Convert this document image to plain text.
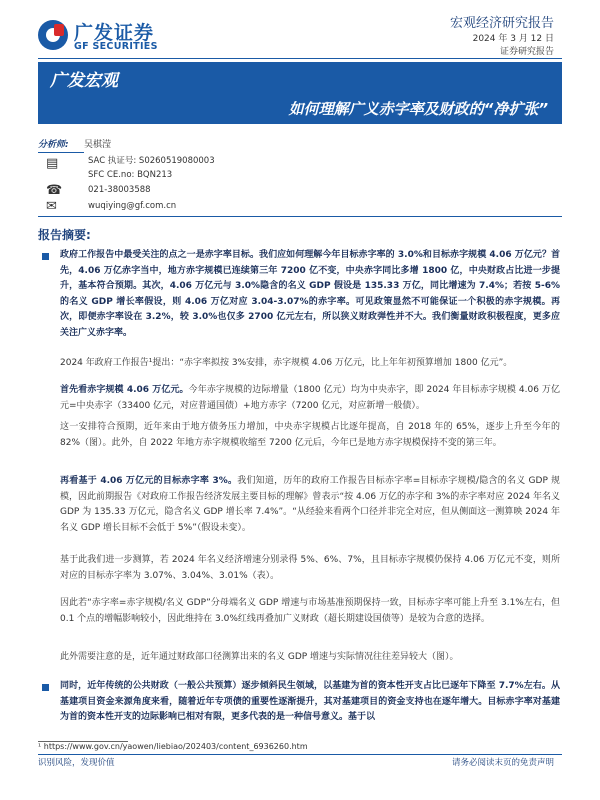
广发证券
GF SECURITIES
宏观经济研究报告
2024 年 3 月 12 日
证券研究报告
广发宏观
如何理解广义赤字率及财政的“净扩张”
分析师: 吴棋滢
▤	SAC 执证号: S0260519080003
SFC CE.no: BQN213
☎	021-38003588
✉	wuqiying@gf.com.cn
报告摘要:
政府工作报告中最受关注的点之一是赤字率目标。我们应如何理解今年目标赤字率的 3.0%和目标赤字规模 4.06 万亿元？首先，4.06 万亿赤字当中，地方赤字规模已连续第三年 7200 亿不变，中央赤字同比多增 1800 亿，中央财政占比进一步提升，基本符合预期。其次，4.06 万亿元与 3.0%隐含的名义 GDP 假设是 135.33 万亿，同比增速为 7.4%；若按 5-6%的名义 GDP 增长率假设，则 4.06 万亿对应 3.04-3.07%的赤字率。可见政策显然不可能保证一个积极的赤字规模。再次，即便赤字率设在 3.2%，较 3.0%也仅多 2700 亿元左右，所以狭义财政弹性并不大。我们衡量财政积极程度，更多应关注广义赤字率。
2024 年政府工作报告¹提出：“赤字率拟按 3%安排，赤字规模 4.06 万亿元，比上年年初预算增加 1800 亿元”。
首先看赤字规模 4.06 万亿元。今年赤字规模的边际增量（1800 亿元）均为中央赤字，即 2024 年目标赤字规模 4.06 万亿元=中央赤字（33400 亿元，对应普通国债）+地方赤字（7200 亿元，对应新增一般债）。
这一安排符合预期，近年来由于地方债务压力增加，中央赤字规模占比逐年提高，自 2018 年的 65%，逐步上升至今年的 82%（图）。此外，自 2022 年地方赤字规模收缩至 7200 亿元后，今年已是地方赤字规模保持不变的第三年。
再看基于 4.06 万亿元的目标赤字率 3%。我们知道，历年的政府工作报告目标赤字率=目标赤字规模/隐含的名义 GDP 规模，因此前期报告《对政府工作报告经济发展主要目标的理解》曾表示“按 4.06 万亿的赤字和 3%的赤字率对应 2024 年名义 GDP 为 135.33 万亿元，隐含名义 GDP 增长率 7.4%”。“从经验来看两个口径并非完全对应，但从侧面这一测算映 2024 年名义 GDP 增长目标不会低于 5%”（假设未变）。
基于此我们进一步测算，若 2024 年名义经济增速分别录得 5%、6%、7%，且目标赤字规模仍保持 4.06 万亿元不变，则所对应的目标赤字率为 3.07%、3.04%、3.01%（表）。
因此若“赤字率=赤字规模/名义 GDP”分母端名义 GDP 增速与市场基准预期保持一致，目标赤字率可能上升至 3.1%左右，但 0.1 个点的增幅影响较小，因此维持在 3.0%红线再叠加广义财政（超长期建设国债等）是较为合意的选择。
此外需要注意的是，近年通过财政部口径测算出来的名义 GDP 增速与实际情况往往差异较大（图）。
同时，近年传统的公共财政（一般公共预算）逐步倾斜民生领域，以基建为首的资本性开支占比已逐年下降至 7.7%左右。从基建项目资金来源角度来看，随着近年专项债的重要性逐渐提升，其对基建项目的资金支持也在逐年增大。目标赤字率对基建为首的资本性开支的边际影响已相对有限，更多代表的是一种信号意义。基于以
¹ https://www.gov.cn/yaowen/liebiao/202403/content_6936260.htm
识别风险，发现价值	请务必阅读末页的免责声明
